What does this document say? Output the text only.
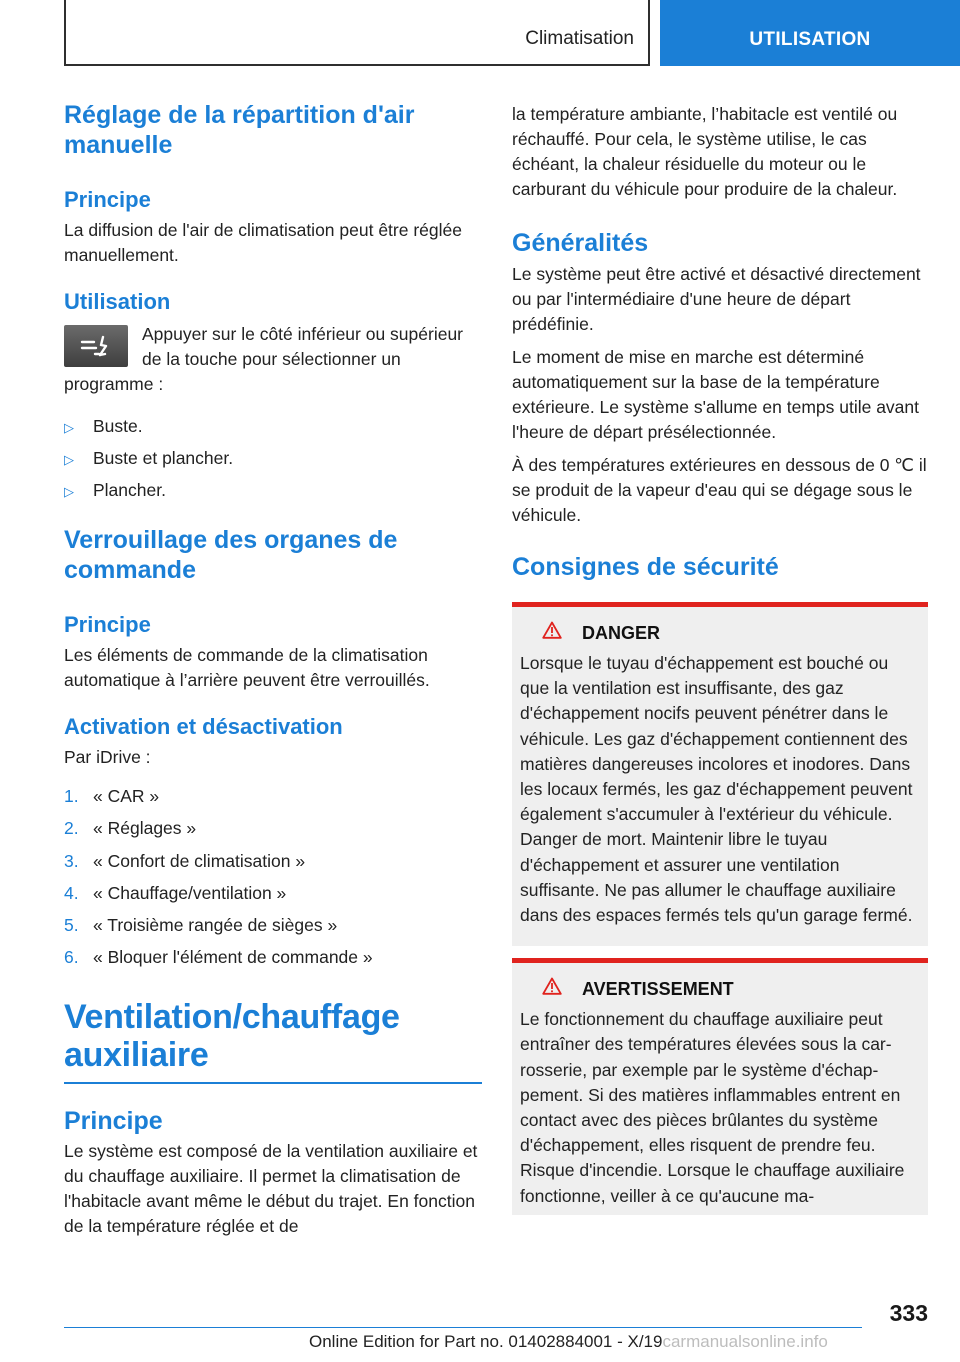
Climatisation	UTILISATION
Réglage de la répartition d'air manuelle
Principe

La diffusion de l'air de climatisation peut être réglée manuellement.

Utilisation
Appuyer sur le côté inférieur ou supérieur de la touche pour sélectionner un programme :
▷ Buste.
▷ Buste et plancher.
▷ Plancher.
Verrouillage des organes de commande
Principe

Les éléments de commande de la climatisation automatique à l’arrière peuvent être verrouillés.

Activation et désactivation

Par iDrive :

1. « CAR »
2. « Réglages »
3. « Confort de climatisation »
4. « Chauffage/ventilation »
5. « Troisième rangée de sièges »
6. « Bloquer l'élément de commande »
Ventilation/chauffage auxiliaire
Principe

Le système est composé de la ventilation auxiliaire et du chauffage auxiliaire. Il permet la climatisation de l'habitacle avant même le début du trajet. En fonction de la température réglée et de

la température ambiante, l’habitacle est ventilé ou réchauffé. Pour cela, le système utilise, le cas échéant, la chaleur résiduelle du moteur ou le carburant du véhicule pour produire de la chaleur.

Généralités

Le système peut être activé et désactivé directement ou par l'intermédiaire d'une heure de départ prédéfinie.

Le moment de mise en marche est déterminé automatiquement sur la base de la température extérieure. Le système s'allume en temps utile avant l'heure de départ présélectionnée.

À des températures extérieures en dessous de 0 ℃ il se produit de la vapeur d'eau qui se dégage sous le véhicule.

Consignes de sécurité
DANGER

Lorsque le tuyau d'échappement est bouché ou que la ventilation est insuffisante, des gaz d'échappement nocifs peuvent pénétrer dans le véhicule. Les gaz d'échappement contiennent des matières dangereuses incolores et inodores. Dans les locaux fermés, les gaz d'échappement peuvent également s'accumuler à l'extérieur du véhicule. Danger de mort. Maintenir libre le tuyau d'échappement et assurer une ventilation suffisante. Ne pas allumer le chauffage auxiliaire dans des espaces fermés tels qu'un garage fermé.

AVERTISSEMENT

Le fonctionnement du chauffage auxiliaire peut entraîner des températures élevées sous la carrosserie, par exemple par le système d'échappement. Si des matières inflammables entrent en contact avec des pièces brûlantes du système d'échappement, elles risquent de prendre feu. Risque d'incendie. Lorsque le chauffage auxiliaire fonctionne, veiller à ce qu'aucune ma-

333
Online Edition for Part no. 01402884001 - X/19carmanualsonline.info
